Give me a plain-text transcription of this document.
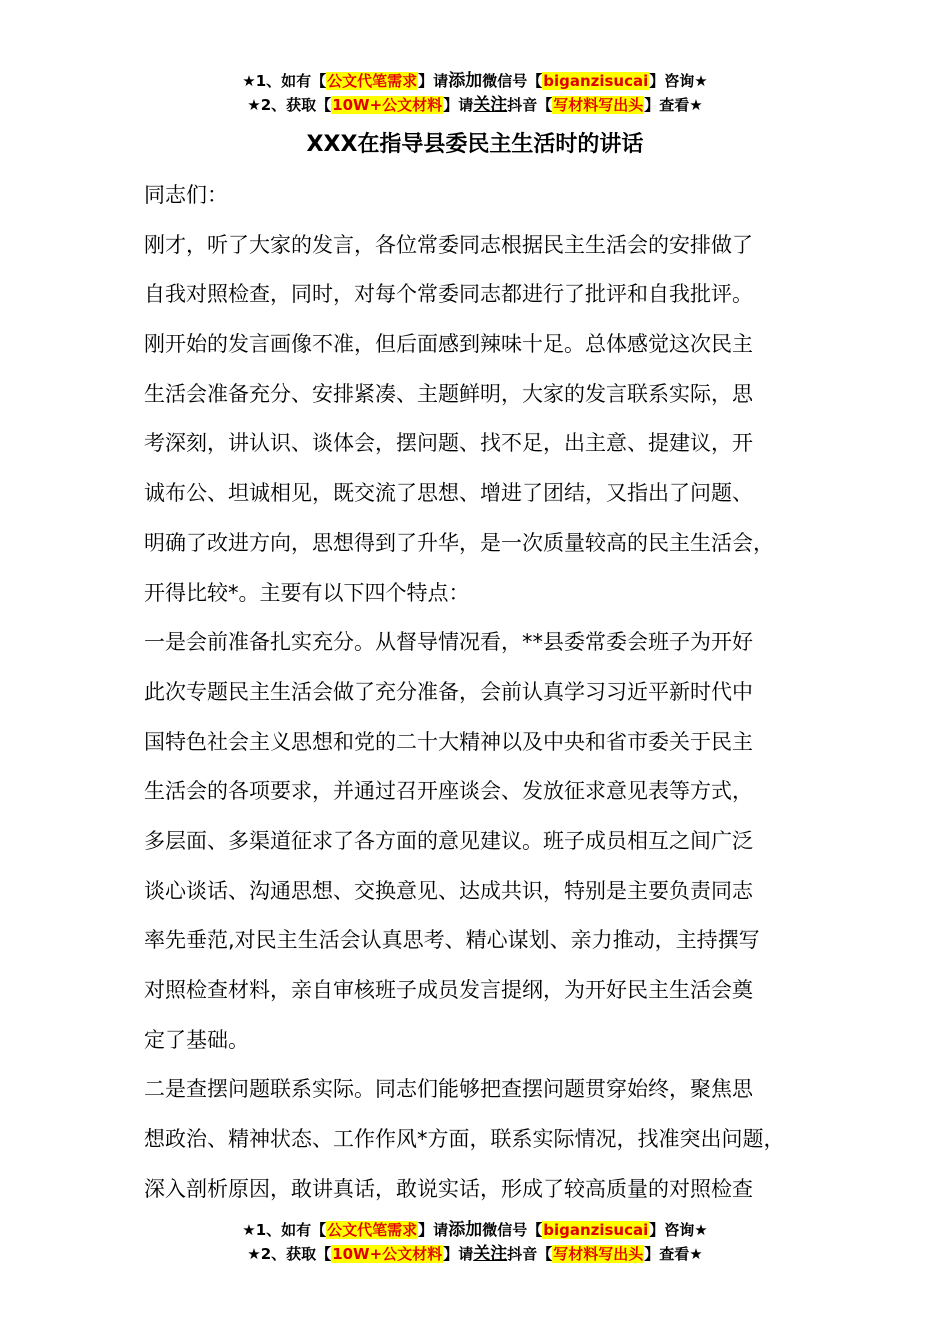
★1、如有【公文代笔需求】请添加微信号【biganzisucai】咨询★
★2、获取【10W+公文材料】请关注抖音【写材料写出头】查看★
XXX在指导县委民主生活时的讲话
同志们：
刚才，听了大家的发言，各位常委同志根据民主生活会的安排做了
自我对照检查，同时，对每个常委同志都进行了批评和自我批评。
刚开始的发言画像不准，但后面感到辣味十足。总体感觉这次民主
生活会准备充分、安排紧凑、主题鲜明，大家的发言联系实际，思
考深刻，讲认识、谈体会，摆问题、找不足，出主意、提建议，开
诚布公、坦诚相见，既交流了思想、增进了团结，又指出了问题、
明确了改进方向，思想得到了升华，是一次质量较高的民主生活会，
开得比较*。主要有以下四个特点：
一是会前准备扎实充分。从督导情况看，**县委常委会班子为开好
此次专题民主生活会做了充分准备，会前认真学习习近平新时代中
国特色社会主义思想和党的二十大精神以及中央和省市委关于民主
生活会的各项要求，并通过召开座谈会、发放征求意见表等方式，
多层面、多渠道征求了各方面的意见建议。班子成员相互之间广泛
谈心谈话、沟通思想、交换意见、达成共识，特别是主要负责同志
率先垂范,对民主生活会认真思考、精心谋划、亲力推动，主持撰写
对照检查材料，亲自审核班子成员发言提纲，为开好民主生活会奠
定了基础。
二是查摆问题联系实际。同志们能够把查摆问题贯穿始终，聚焦思
想政治、精神状态、工作作风*方面，联系实际情况，找准突出问题，
深入剖析原因，敢讲真话，敢说实话，形成了较高质量的对照检查
★1、如有【公文代笔需求】请添加微信号【biganzisucai】咨询★
★2、获取【10W+公文材料】请关注抖音【写材料写出头】查看★
